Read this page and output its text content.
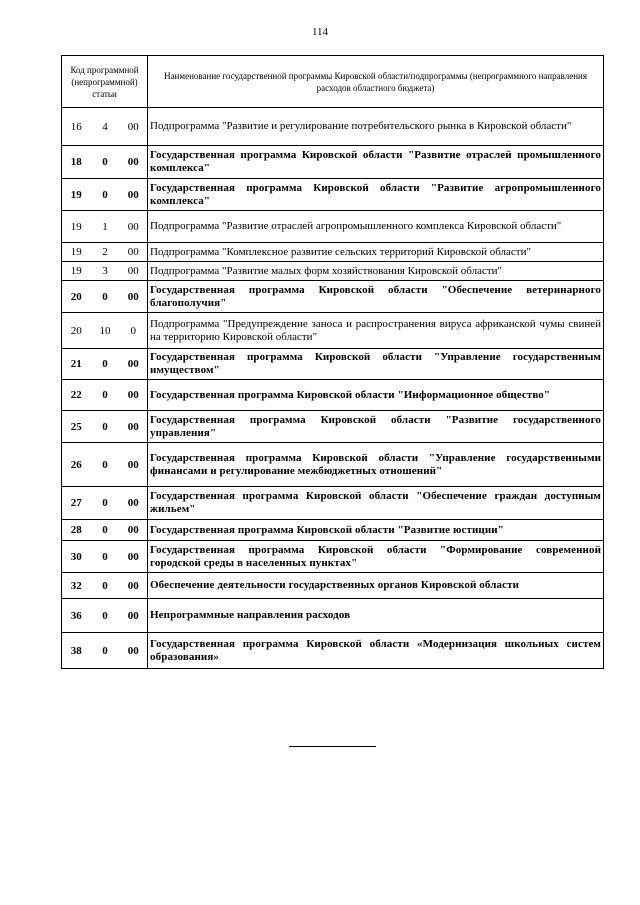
114
Код программной (непрограммной) статьи			Наименование государственной программы Кировской области/подпрограммы (непрограммного направления расходов областного бюджета)
16	4	00	Подпрограмма "Развитие и регулирование потребительского рынка в Кировской области"
18	0	00	Государственная программа Кировской области "Развитие отраслей промышленного комплекса"
19	0	00	Государственная программа Кировской области "Развитие агропромышленного комплекса"
19	1	00	Подпрограмма "Развитие отраслей агропромышленного комплекса Кировской области"
19	2	00	Подпрограмма "Комплексное развитие сельских территорий Кировской области"
19	3	00	Подпрограмма "Развитие малых форм хозяйствования Кировской области"
20	0	00	Государственная программа Кировской области "Обеспечение ветеринарного благополучия"
20	10	0	Подпрограмма "Предупреждение заноса и распространения вируса африканской чумы свиней на территорию Кировской области"
21	0	00	Государственная программа Кировской области "Управление государственным имуществом"
22	0	00	Государственная программа Кировской области "Информационное общество"
25	0	00	Государственная программа Кировской области "Развитие государственного управления"
26	0	00	Государственная программа Кировской области "Управление государственными финансами и регулирование межбюджетных отношений"
27	0	00	Государственная программа Кировской области "Обеспечение граждан доступным жильем"
28	0	00	Государственная программа Кировской области "Развитие юстиции"
30	0	00	Государственная программа Кировской области "Формирование современной городской среды в населенных пунктах"
32	0	00	Обеспечение деятельности государственных органов Кировской области
36	0	00	Непрограммные направления расходов
38	0	00	Государственная программа Кировской области «Модернизация школьных систем образования»
